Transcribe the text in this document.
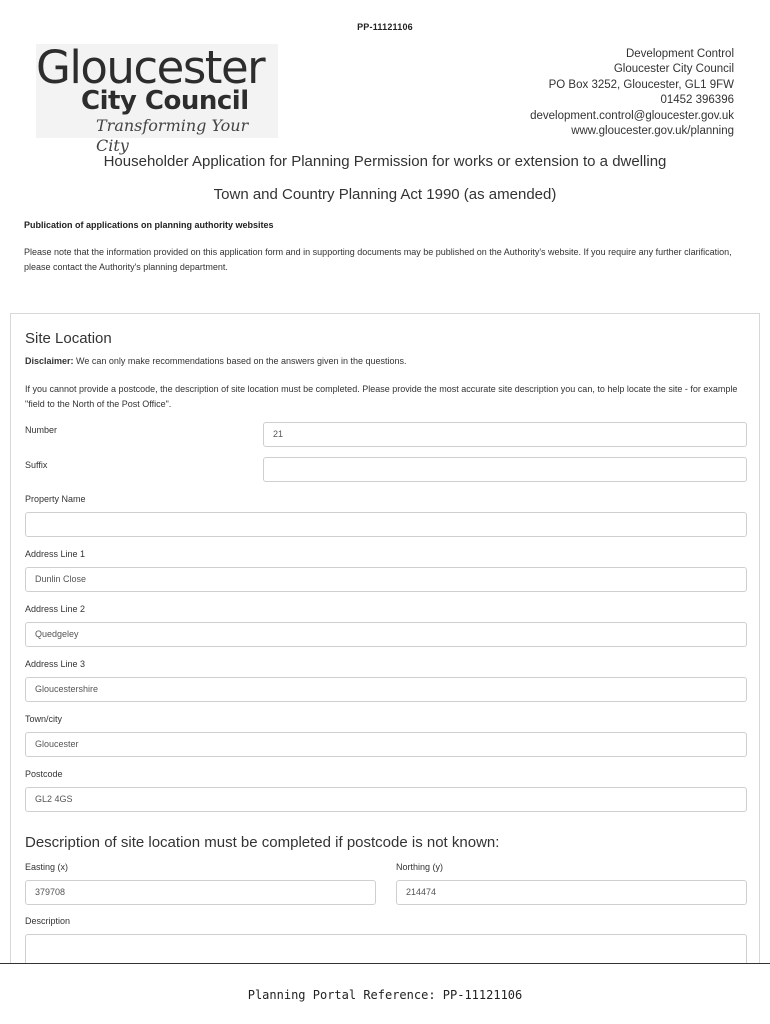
PP-11121106
Gloucester
City Council
Transforming Your City
Development Control
Gloucester City Council
PO Box 3252, Gloucester, GL1 9FW
01452 396396
development.control@gloucester.gov.uk
www.gloucester.gov.uk/planning
Householder Application for Planning Permission for works or extension to a dwelling
Town and Country Planning Act 1990 (as amended)
Publication of applications on planning authority websites
Please note that the information provided on this application form and in supporting documents may be published on the Authority's website. If you require any further clarification, please contact the Authority's planning department.
Site Location
Disclaimer: We can only make recommendations based on the answers given in the questions.
If you cannot provide a postcode, the description of site location must be completed. Please provide the most accurate site description you can, to help locate the site - for example "field to the North of the Post Office".
Number	21
Suffix
Property Name
Address Line 1
Dunlin Close
Address Line 2
Quedgeley
Address Line 3
Gloucestershire
Town/city
Gloucester
Postcode
GL2 4GS
Description of site location must be completed if postcode is not known:
Easting (x)
379708
Northing (y)
214474
Description
Planning Portal Reference: PP-11121106
